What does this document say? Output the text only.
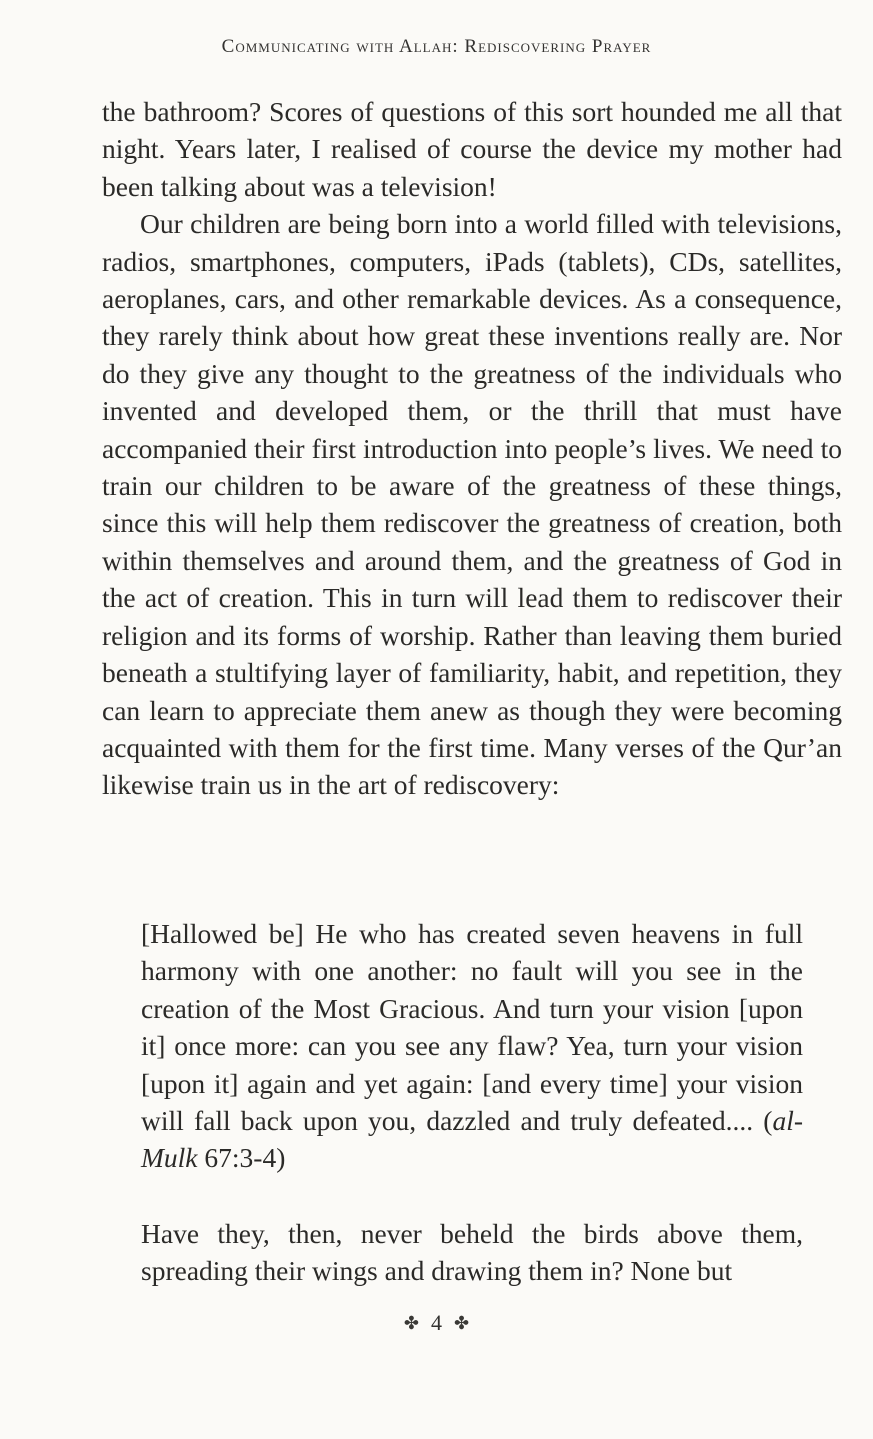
Communicating with Allah: Rediscovering Prayer

the bathroom? Scores of questions of this sort hounded me all that night. Years later, I realised of course the device my mother had been talking about was a television!

Our children are being born into a world filled with televisions, radios, smartphones, computers, iPads (tablets), CDs, satellites, aeroplanes, cars, and other remarkable devices. As a consequence, they rarely think about how great these inventions really are. Nor do they give any thought to the greatness of the individuals who invented and developed them, or the thrill that must have accompanied their first introduction into people’s lives. We need to train our children to be aware of the greatness of these things, since this will help them rediscover the greatness of creation, both within themselves and around them, and the greatness of God in the act of creation. This in turn will lead them to rediscover their religion and its forms of worship. Rather than leaving them buried beneath a stultifying layer of familiarity, habit, and repetition, they can learn to appreciate them anew as though they were becoming acquainted with them for the first time. Many verses of the Qur’an likewise train us in the art of rediscovery:

[Hallowed be] He who has created seven heavens in full harmony with one another: no fault will you see in the creation of the Most Gracious. And turn your vision [upon it] once more: can you see any flaw? Yea, turn your vision [upon it] again and yet again: [and every time] your vision will fall back upon you, dazzled and truly defeated.... (al-Mulk 67:3-4)

Have they, then, never beheld the birds above them, spreading their wings and drawing them in? None but

✤ 4 ✤
